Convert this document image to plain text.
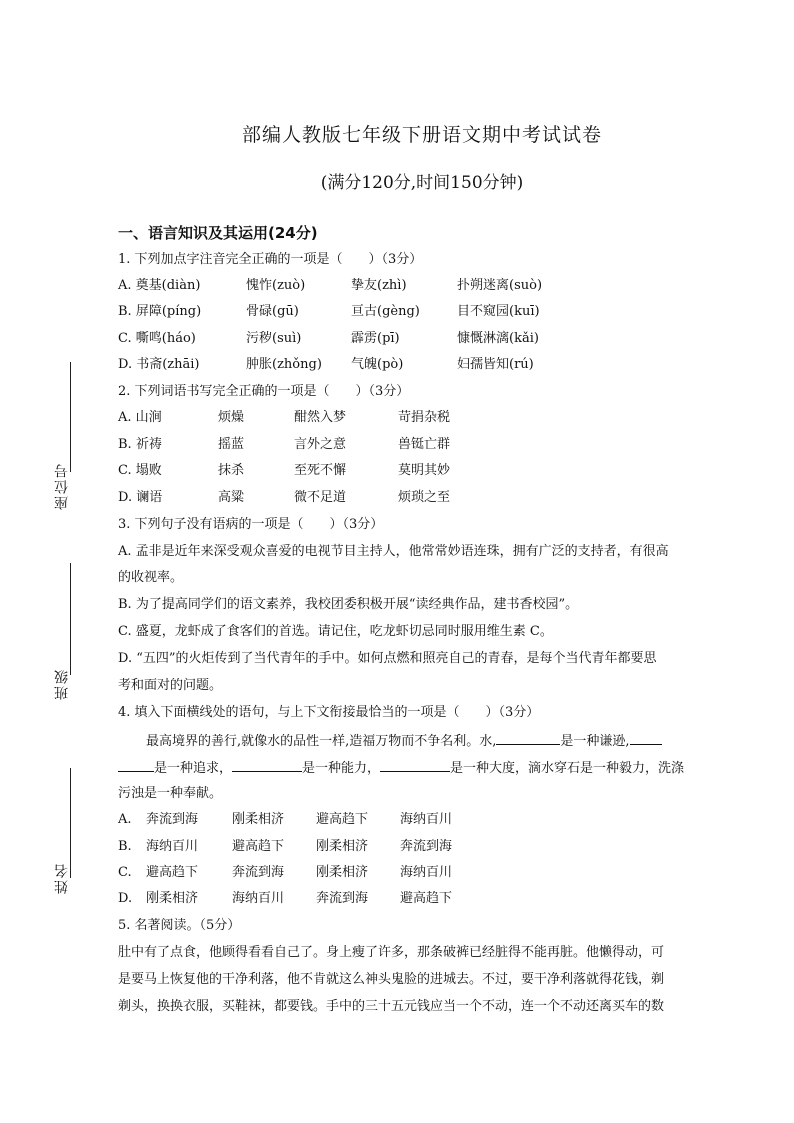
座位号
班级
姓名
部编人教版七年级下册语文期中考试试卷
(满分120分,时间150分钟)
一、语言知识及其运用(24分)
1. 下列加点字注音完全正确的一项是（　　）（3分）
A. 奠基(diàn)	愧怍(zuò)	挚友(zhì)	扑朔迷离(suò)
B. 屏障(píng)	骨碌(gū)	亘古(gèng)	目不窥园(kuī)
C. 嘶鸣(háo)	污秽(suì)	霹雳(pī)	慷慨淋漓(kǎi)
D. 书斋(zhāi)	肿胀(zhǒng) 气魄(pò)	妇孺皆知(rú)
2. 下列词语书写完全正确的一项是（　　）（3分）
A. 山涧	烦燥	酣然入梦	苛捐杂税
B. 祈祷	摇蓝	言外之意	兽铤亡群
C. 塌败	抹杀	至死不懈	莫明其妙
D. 谰语	高粱	微不足道	烦琐之至
3. 下列句子没有语病的一项是（　　）（3分）
A. 孟非是近年来深受观众喜爱的电视节目主持人，他常常妙语连珠，拥有广泛的支持者，有很高
的收视率。
B. 为了提高同学们的语文素养，我校团委积极开展“读经典作品，建书香校园”。
C. 盛夏，龙虾成了食客们的首选。请记住，吃龙虾切忌同时服用维生素 C。
D. “五四”的火炬传到了当代青年的手中。如何点燃和照亮自己的青春，是每个当代青年都要思
考和面对的问题。
4. 填入下面横线处的语句，与上下文衔接最恰当的一项是（　　）（3分）
最高境界的善行,就像水的品性一样,造福万物而不争名利。水,	是一种谦逊,
是一种追求，	是一种能力，	是一种大度，滴水穿石是一种毅力，洗涤
污浊是一种奉献。
A. 奔流到海	刚柔相济 避高趋下 海纳百川
B. 海纳百川	避高趋下 刚柔相济 奔流到海
C. 避高趋下	奔流到海 刚柔相济 海纳百川
D. 刚柔相济	海纳百川 奔流到海 避高趋下
5. 名著阅读。（5分）
肚中有了点食，他顾得看看自己了。身上瘦了许多，那条破裤已经脏得不能再脏。他懒得动，可
是要马上恢复他的干净利落，他不肯就这么神头鬼脸的进城去。不过，要干净利落就得花钱，剃
剃头，换换衣服，买鞋袜，都要钱。手中的三十五元钱应当一个不动，连一个不动还离买车的数
